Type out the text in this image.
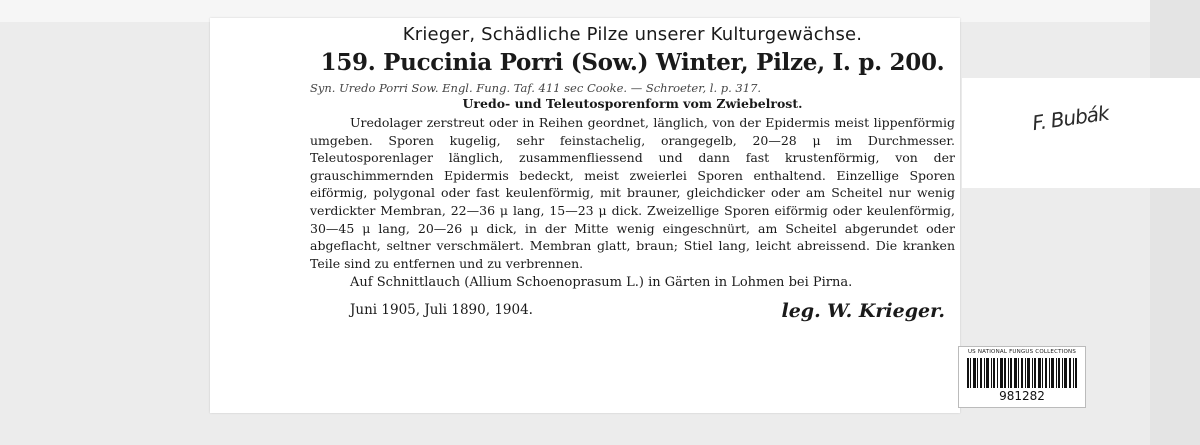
Krieger, Schädliche Pilze unserer Kulturgewächse.
159. Puccinia Porri (Sow.) Winter, Pilze, I. p. 200.
Syn. Uredo Porri Sow. Engl. Fung. Taf. 411 sec Cooke. — Schroeter, l. p. 317.
Uredo- und Teleutosporenform vom Zwiebelrost.

Uredolager zerstreut oder in Reihen geordnet, länglich, von der Epidermis meist lippenförmig umgeben. Sporen kugelig, sehr feinstachelig, orangegelb, 20—28 μ im Durchmesser. Teleutosporenlager länglich, zusammenfliessend und dann fast krustenförmig, von der grauschimmernden Epidermis bedeckt, meist zweierlei Sporen enthaltend. Einzellige Sporen eiförmig, polygonal oder fast keulenförmig, mit brauner, gleichdicker oder am Scheitel nur wenig verdickter Membran, 22—36 μ lang, 15—23 μ dick. Zweizellige Sporen eiförmig oder keulenförmig, 30—45 μ lang, 20—26 μ dick, in der Mitte wenig eingeschnürt, am Scheitel abgerundet oder abgeflacht, seltner verschmälert. Membran glatt, braun; Stiel lang, leicht abreissend. Die kranken Teile sind zu entfernen und zu verbrennen.

Auf Schnittlauch (Allium Schoenoprasum L.) in Gärten in Lohmen bei Pirna.

Juni 1905, Juli 1890, 1904.	leg. W. Krieger.
F. Bubák
US NATIONAL FUNGUS COLLECTIONS
981282
